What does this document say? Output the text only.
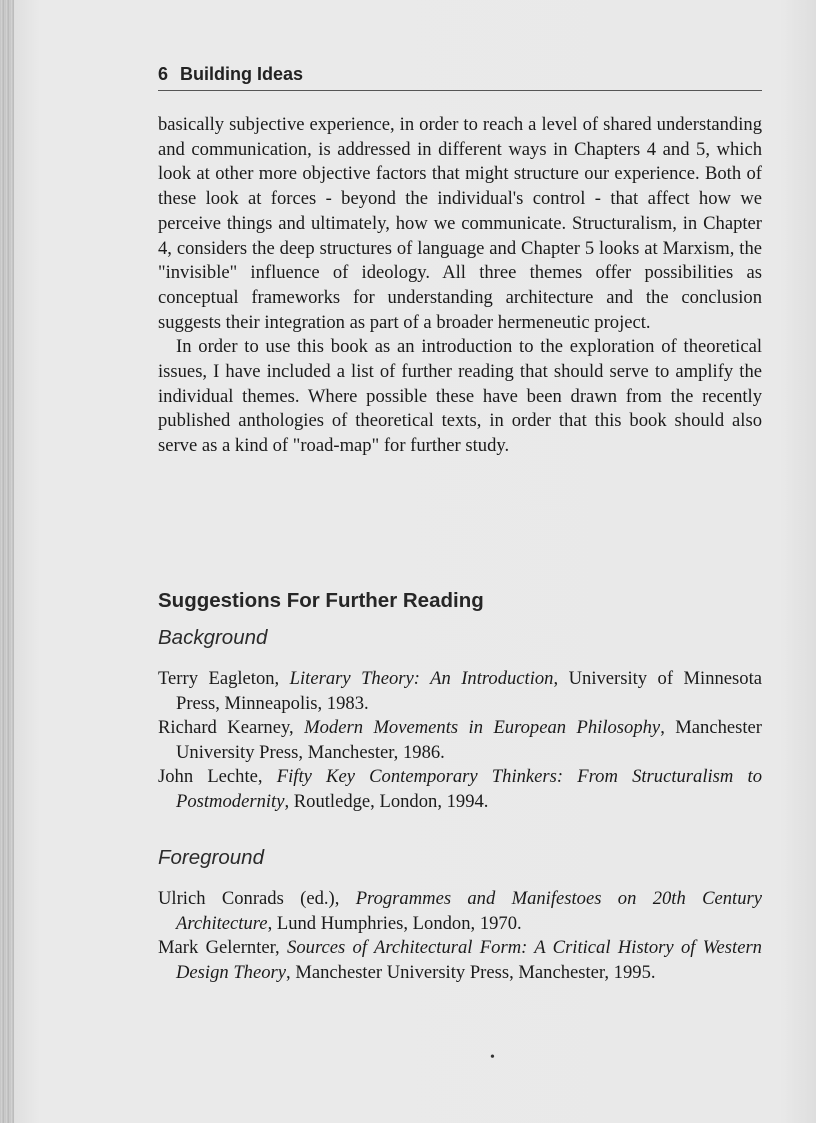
6 Building Ideas

basically subjective experience, in order to reach a level of shared understanding and communication, is addressed in different ways in Chapters 4 and 5, which look at other more objective factors that might structure our experience. Both of these look at forces - beyond the individual's control - that affect how we perceive things and ultimately, how we communicate. Structuralism, in Chapter 4, considers the deep structures of language and Chapter 5 looks at Marxism, the "invisible" influence of ideology. All three themes offer possibilities as conceptual frameworks for understanding architecture and the conclusion suggests their integration as part of a broader hermeneutic project.

In order to use this book as an introduction to the exploration of theoretical issues, I have included a list of further reading that should serve to amplify the individual themes. Where possible these have been drawn from the recently published anthologies of theoretical texts, in order that this book should also serve as a kind of "road-map" for further study.

Suggestions For Further Reading
Background
Terry Eagleton, Literary Theory: An Introduction, University of Minnesota Press, Minneapolis, 1983.
Richard Kearney, Modern Movements in European Philosophy, Manchester University Press, Manchester, 1986.
John Lechte, Fifty Key Contemporary Thinkers: From Structuralism to Postmodernity, Routledge, London, 1994.
Foreground
Ulrich Conrads (ed.), Programmes and Manifestoes on 20th Century Architecture, Lund Humphries, London, 1970.
Mark Gelernter, Sources of Architectural Form: A Critical History of Western Design Theory, Manchester University Press, Manchester, 1995.
•
